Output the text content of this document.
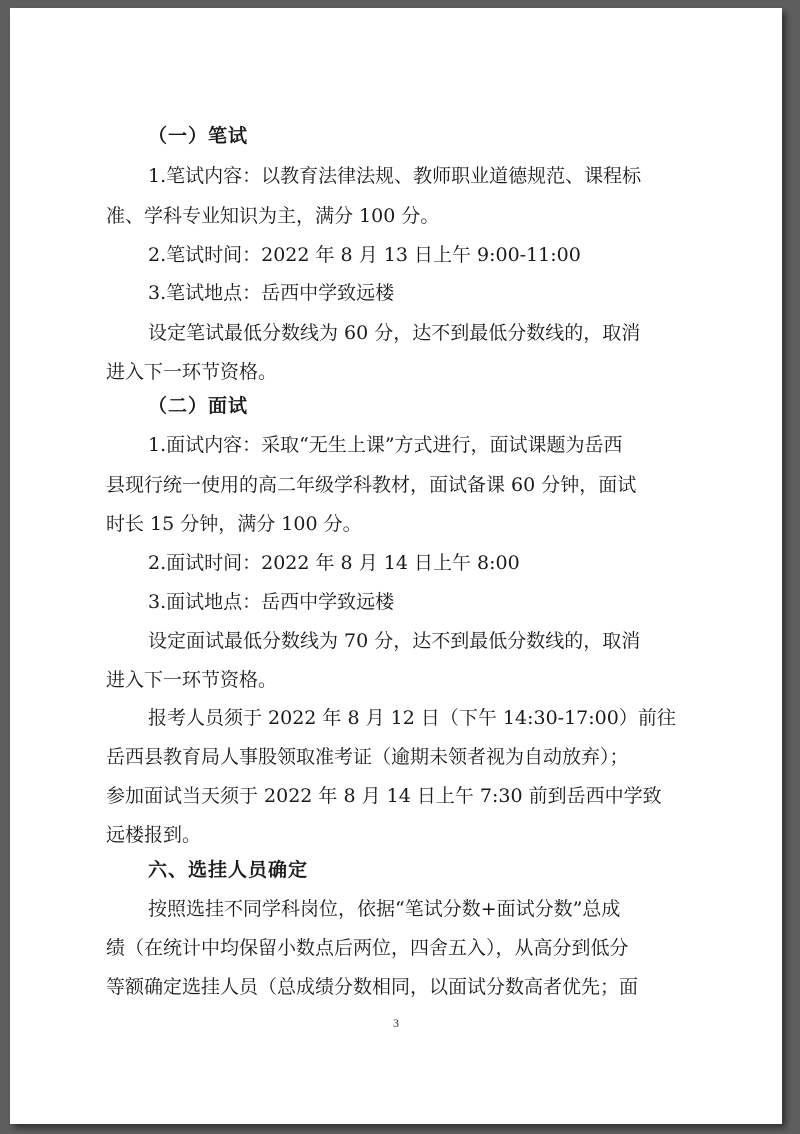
（一）笔试
1.笔试内容：以教育法律法规、教师职业道德规范、课程标
准、学科专业知识为主，满分 100 分。
2.笔试时间：2022 年 8 月 13 日上午 9:00-11:00
3.笔试地点：岳西中学致远楼
设定笔试最低分数线为 60 分，达不到最低分数线的，取消
进入下一环节资格。
（二）面试
1.面试内容：采取“无生上课”方式进行，面试课题为岳西
县现行统一使用的高二年级学科教材，面试备课 60 分钟，面试
时长 15 分钟，满分 100 分。
2.面试时间：2022 年 8 月 14 日上午 8:00
3.面试地点：岳西中学致远楼
设定面试最低分数线为 70 分，达不到最低分数线的，取消
进入下一环节资格。
报考人员须于 2022 年 8 月 12 日（下午 14:30-17:00）前往
岳西县教育局人事股领取准考证（逾期未领者视为自动放弃）；
参加面试当天须于 2022 年 8 月 14 日上午 7:30 前到岳西中学致
远楼报到。
六、选挂人员确定
按照选挂不同学科岗位，依据“笔试分数+面试分数”总成
绩（在统计中均保留小数点后两位，四舍五入），从高分到低分
等额确定选挂人员（总成绩分数相同，以面试分数高者优先；面
3
